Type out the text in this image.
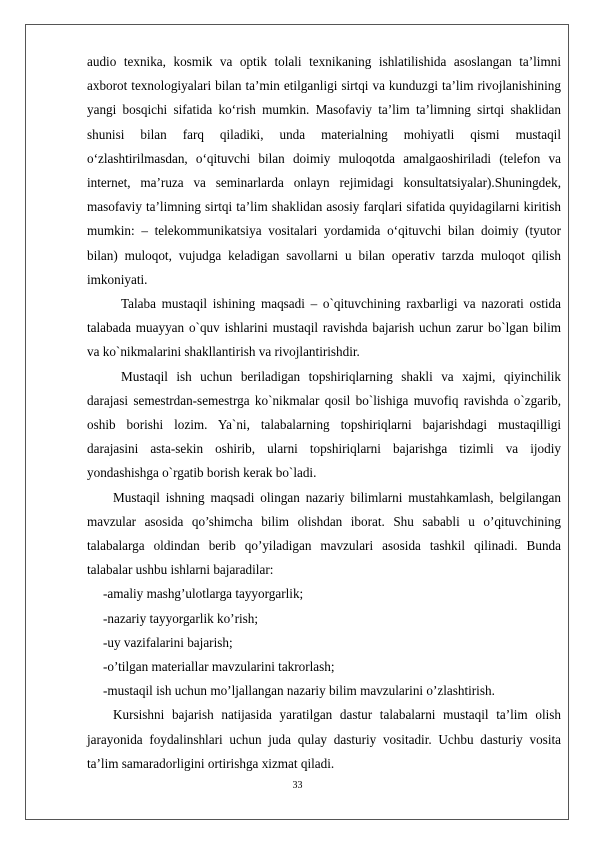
audio texnika, kosmik va optik tolali texnikaning ishlatilishida asoslangan ta’limni axborot texnologiyalari bilan ta’min etilganligi sirtqi va kunduzgi ta’lim rivojlanishining yangi bosqichi sifatida ko‘rish mumkin. Masofaviy ta’lim ta’limning sirtqi shaklidan shunisi bilan farq qiladiki, unda materialning mohiyatli qismi mustaqil o‘zlashtirilmasdan, o‘qituvchi bilan doimiy muloqotda amalgaoshiriladi (telefon va internet, ma’ruza va seminarlarda onlayn rejimidagi konsultatsiyalar).Shuningdek, masofaviy ta’limning sirtqi ta’lim shaklidan asosiy farqlari sifatida quyidagilarni kiritish mumkin: – telekommunikatsiya vositalari yordamida o‘qituvchi bilan doimiy (tyutor bilan) muloqot, vujudga keladigan savollarni u bilan operativ tarzda muloqot qilish imkoniyati.

Talaba mustaqil ishining maqsadi – o`qituvchining raxbarligi va nazorati ostida talabada muayyan o`quv ishlarini mustaqil ravishda bajarish uchun zarur bo`lgan bilim va ko`nikmalarini shakllantirish va rivojlantirishdir.

Mustaqil ish uchun beriladigan topshiriqlarning shakli va xajmi, qiyinchilik darajasi semestrdan-semestrga ko`nikmalar qosil bo`lishiga muvofiq ravishda o`zgarib, oshib borishi lozim. Ya`ni, talabalarning topshiriqlarni bajarishdagi mustaqilligi darajasini asta-sekin oshirib, ularni topshiriqlarni bajarishga tizimli va ijodiy yondashishga o`rgatib borish kerak bo`ladi.

Mustaqil ishning maqsadi olingan nazariy bilimlarni mustahkamlash, belgilangan mavzular asosida qo’shimcha bilim olishdan iborat. Shu sababli u o’qituvchining talabalarga oldindan berib qo’yiladigan mavzulari asosida tashkil qilinadi. Bunda talabalar ushbu ishlarni bajaradilar:

-amaliy mashg’ulotlarga tayyorgarlik;

-nazariy tayyorgarlik ko’rish;

-uy vazifalarini bajarish;

-o’tilgan materiallar mavzularini takrorlash;

-mustaqil ish uchun mo’ljallangan nazariy bilim mavzularini o’zlashtirish.

Kursishni bajarish natijasida yaratilgan dastur talabalarni mustaqil ta’lim olish jarayonida foydalinshlari uchun juda qulay dasturiy vositadir. Uchbu dasturiy vosita ta’lim samaradorligini ortirishga xizmat qiladi.

33
